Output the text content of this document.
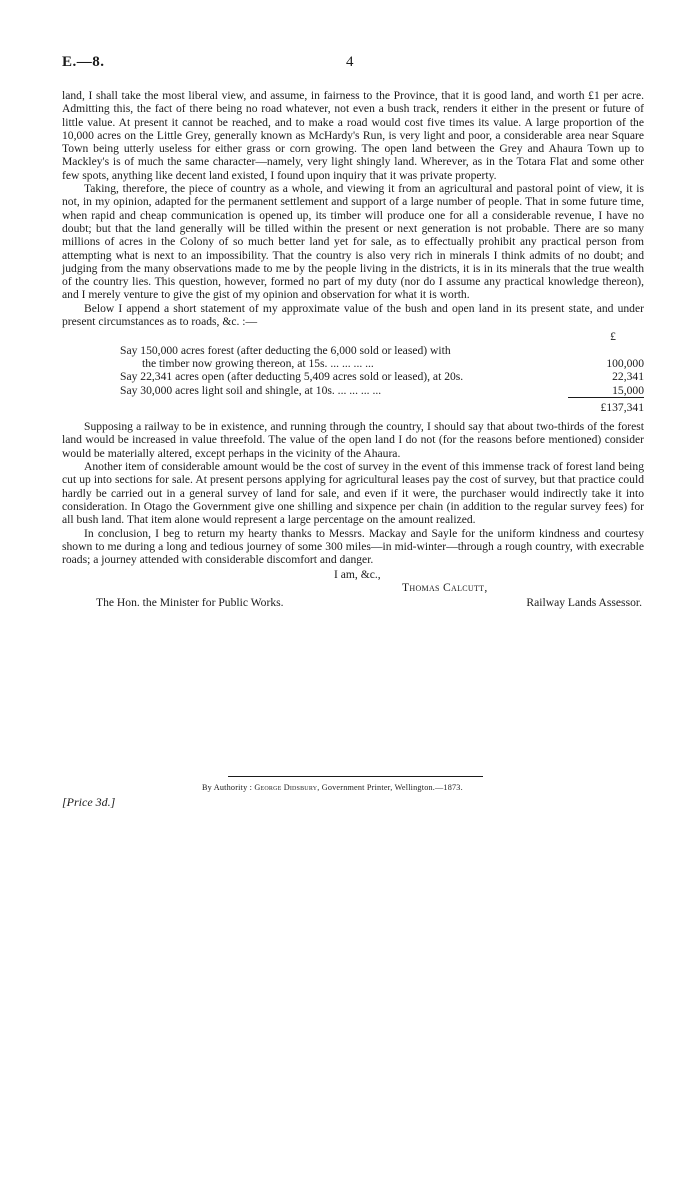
E.—8.	4

land, I shall take the most liberal view, and assume, in fairness to the Province, that it is good land, and worth £1 per acre. Admitting this, the fact of there being no road whatever, not even a bush track, renders it either in the present or future of little value. At present it cannot be reached, and to make a road would cost five times its value. A large proportion of the 10,000 acres on the Little Grey, generally known as McHardy's Run, is very light and poor, a considerable area near Square Town being utterly useless for either grass or corn growing. The open land between the Grey and Ahaura Town up to Mackley's is of much the same character—namely, very light shingly land. Wherever, as in the Totara Flat and some other few spots, anything like decent land existed, I found upon inquiry that it was private property.

Taking, therefore, the piece of country as a whole, and viewing it from an agricultural and pastoral point of view, it is not, in my opinion, adapted for the permanent settlement and support of a large number of people. That in some future time, when rapid and cheap communication is opened up, its timber will produce one for all a considerable revenue, I have no doubt; but that the land generally will be tilled within the present or next generation is not probable. There are so many millions of acres in the Colony of so much better land yet for sale, as to effectually prohibit any practical person from attempting what is next to an impossibility. That the country is also very rich in minerals I think admits of no doubt; and judging from the many observations made to me by the people living in the districts, it is in its minerals that the true wealth of the country lies. This question, however, formed no part of my duty (nor do I assume any practical knowledge thereon), and I merely venture to give the gist of my opinion and observation for what it is worth.

Below I append a short statement of my approximate value of the bush and open land in its present state, and under present circumstances as to roads, &c. :—

	£
Say 150,000 acres forest (after deducting the 6,000 sold or leased) with
the timber now growing thereon, at 15s. ... ... ... ...	100,000
Say 22,341 acres open (after deducting 5,409 acres sold or leased), at 20s.	22,341
Say 30,000 acres light soil and shingle, at 10s. ... ... ... ...	15,000
	£137,341

Supposing a railway to be in existence, and running through the country, I should say that about two-thirds of the forest land would be increased in value threefold. The value of the open land I do not (for the reasons before mentioned) consider would be materially altered, except perhaps in the vicinity of the Ahaura.

Another item of considerable amount would be the cost of survey in the event of this immense track of forest land being cut up into sections for sale. At present persons applying for agricultural leases pay the cost of survey, but that practice could hardly be carried out in a general survey of land for sale, and even if it were, the purchaser would indirectly take it into consideration. In Otago the Government give one shilling and sixpence per chain (in addition to the regular survey fees) for all bush land. That item alone would represent a large percentage on the amount realized.

In conclusion, I beg to return my hearty thanks to Messrs. Mackay and Sayle for the uniform kindness and courtesy shown to me during a long and tedious journey of some 300 miles—in mid-winter—through a rough country, with execrable roads; a journey attended with considerable discomfort and danger.

I am, &c.,
Thomas Calcutt,
The Hon. the Minister for Public Works.	Railway Lands Assessor.
By Authority : George Didsbury, Government Printer, Wellington.—1873.
[Price 3d.]
